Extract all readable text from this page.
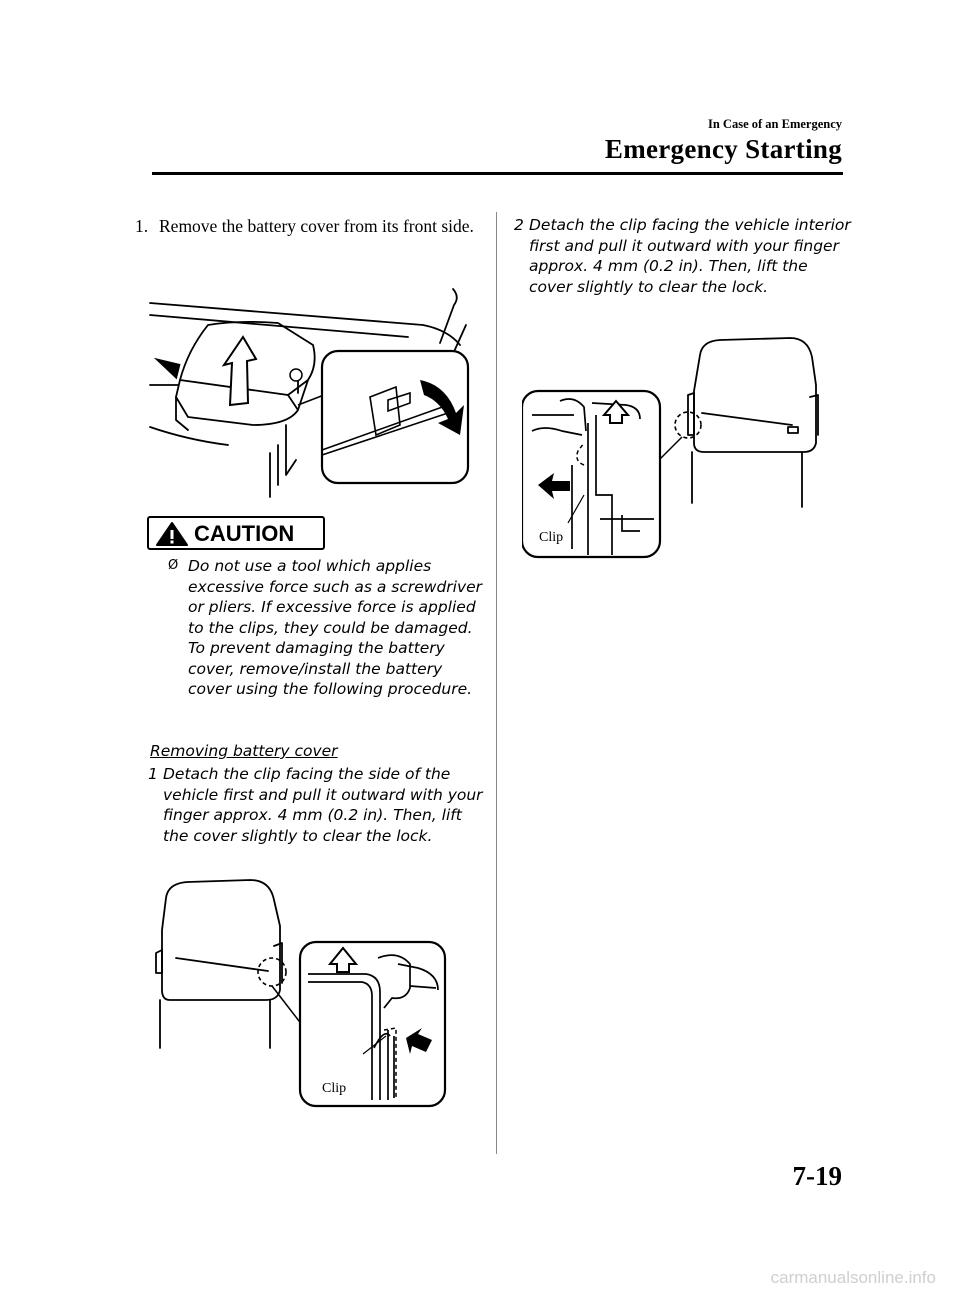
In Case of an Emergency
Emergency Starting
1. Remove the battery cover from its front side.
CAUTION
Ø Do not use a tool which applies excessive force such as a screwdriver or pliers. If excessive force is applied to the clips, they could be damaged. To prevent damaging the battery cover, remove/install the battery cover using the following procedure.
Removing battery cover
1 Detach the clip facing the side of the vehicle first and pull it outward with your finger approx. 4 mm (0.2 in). Then, lift the cover slightly to clear the lock.
Clip
2 Detach the clip facing the vehicle interior first and pull it outward with your finger approx. 4 mm (0.2 in). Then, lift the cover slightly to clear the lock.
Clip
7-19
carmanualsonline.info
